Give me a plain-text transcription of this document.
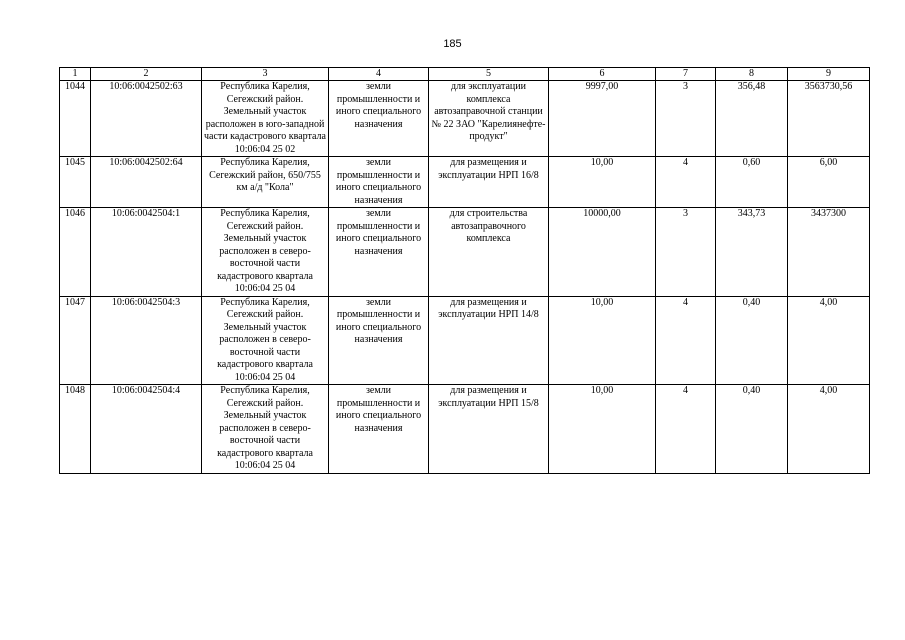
185
1	2	3	4	5	6	7	8	9
1044	10:06:0042502:63	Республика Карелия, Сегежский район. Земельный участок расположен в юго-западной части кадастрового квартала 10:06:04 25 02	земли промышленности и иного специального назначения	для эксплуатации комплекса автозаправочной станции № 22 ЗАО "Карелиянефте-продукт"	9997,00	3	356,48	3563730,56
1045	10:06:0042502:64	Республика Карелия, Сегежский район, 650/755 км а/д "Кола"	земли промышленности и иного специального назначения	для размещения и эксплуатации НРП 16/8	10,00	4	0,60	6,00
1046	10:06:0042504:1	Республика Карелия, Сегежский район. Земельный участок расположен в северо-восточной части кадастрового квартала 10:06:04 25 04	земли промышленности и иного специального назначения	для строительства автозаправочного комплекса	10000,00	3	343,73	3437300
1047	10:06:0042504:3	Республика Карелия, Сегежский район. Земельный участок расположен в северо-восточной части кадастрового квартала 10:06:04 25 04	земли промышленности и иного специального назначения	для размещения и эксплуатации НРП 14/8	10,00	4	0,40	4,00
1048	10:06:0042504:4	Республика Карелия, Сегежский район. Земельный участок расположен в северо-восточной части кадастрового квартала 10:06:04 25 04	земли промышленности и иного специального назначения	для размещения и эксплуатации НРП 15/8	10,00	4	0,40	4,00
